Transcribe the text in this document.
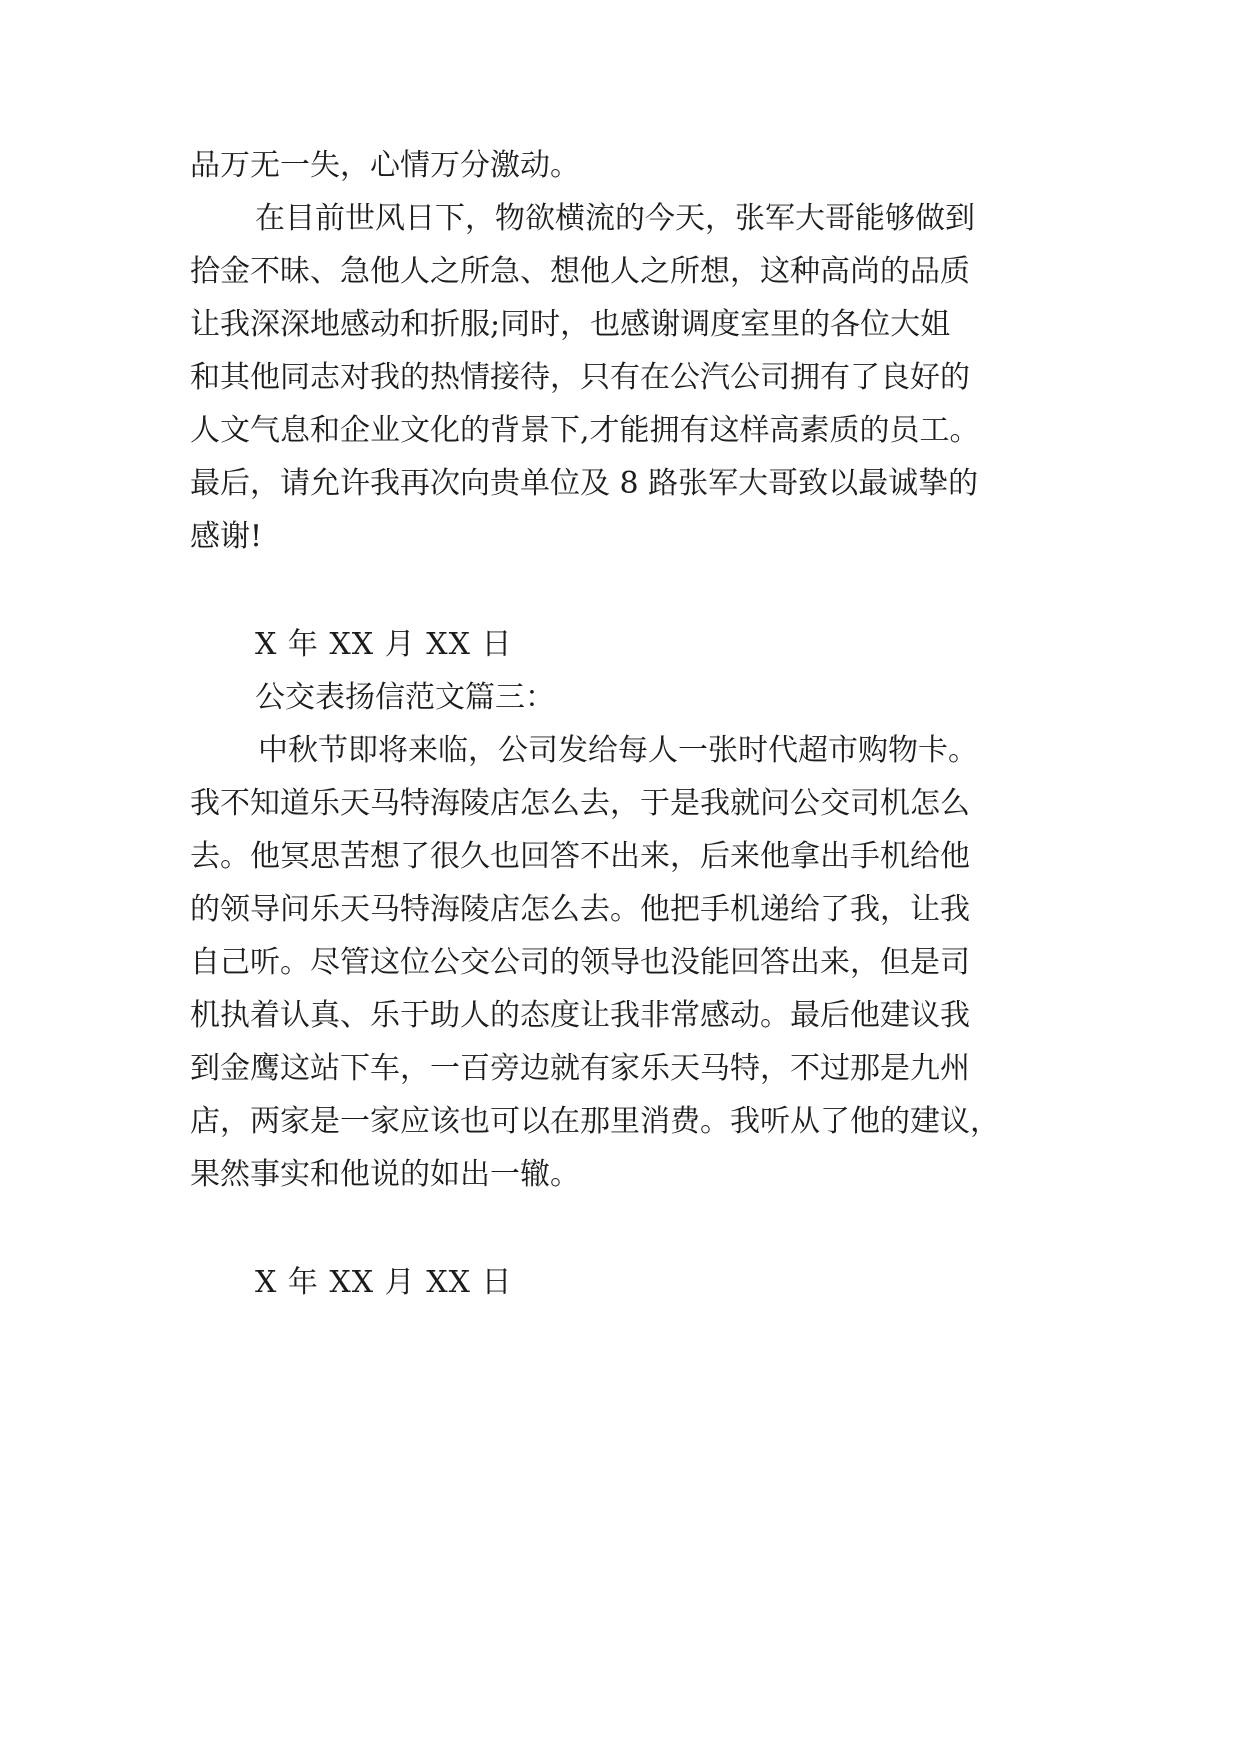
品万无一失，心情万分激动。
在目前世风日下，物欲横流的今天，张军大哥能够做到
拾金不昧、急他人之所急、想他人之所想，这种高尚的品质
让我深深地感动和折服;同时，也感谢调度室里的各位大姐
和其他同志对我的热情接待，只有在公汽公司拥有了良好的
人文气息和企业文化的背景下,才能拥有这样高素质的员工。
最后，请允许我再次向贵单位及 8 路张军大哥致以最诚挚的
感谢!
X 年 XX 月 XX 日
公交表扬信范文篇三：
中秋节即将来临，公司发给每人一张时代超市购物卡。
我不知道乐天马特海陵店怎么去，于是我就问公交司机怎么
去。他冥思苦想了很久也回答不出来，后来他拿出手机给他
的领导问乐天马特海陵店怎么去。他把手机递给了我，让我
自己听。尽管这位公交公司的领导也没能回答出来，但是司
机执着认真、乐于助人的态度让我非常感动。最后他建议我
到金鹰这站下车，一百旁边就有家乐天马特，不过那是九州
店，两家是一家应该也可以在那里消费。我听从了他的建议，
果然事实和他说的如出一辙。
X 年 XX 月 XX 日
